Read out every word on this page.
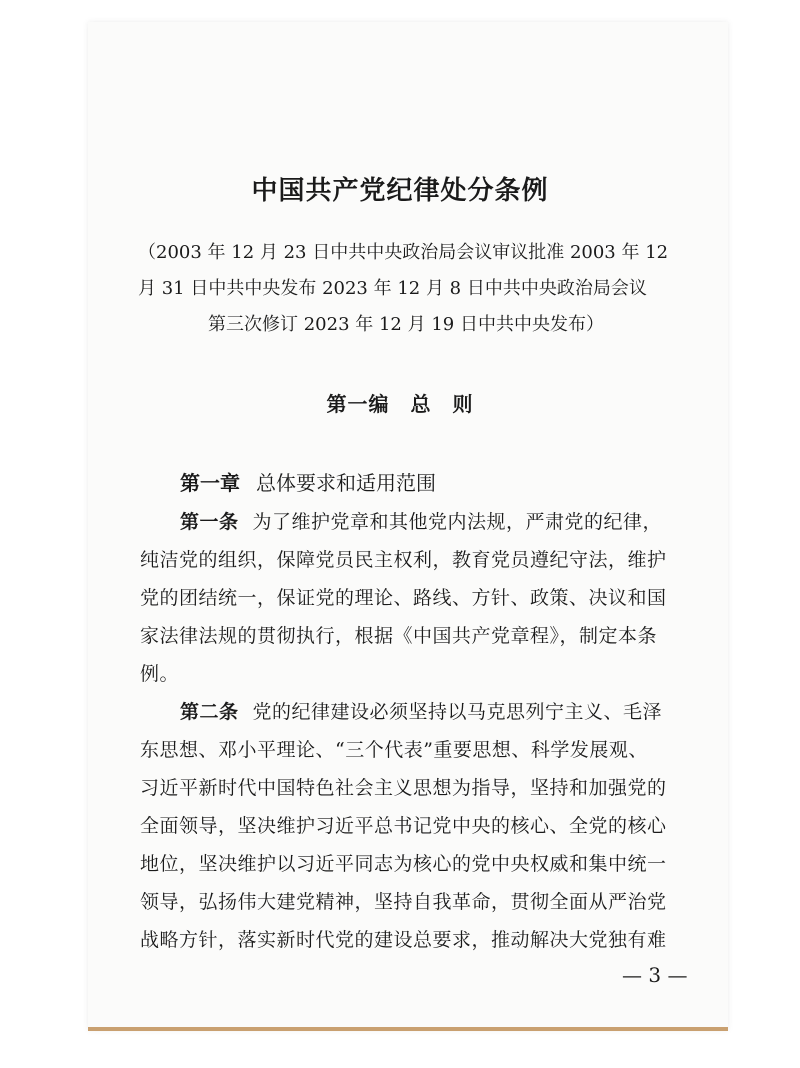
中国共产党纪律处分条例
（2003 年 12 月 23 日中共中央政治局会议审议批准 2003 年 12
月 31 日中共中央发布 2023 年 12 月 8 日中共中央政治局会议
第三次修订 2023 年 12 月 19 日中共中央发布）
第一编　总　则
第一章 总体要求和适用范围
第一条 为了维护党章和其他党内法规，严肃党的纪律，
纯洁党的组织，保障党员民主权利，教育党员遵纪守法，维护
党的团结统一，保证党的理论、路线、方针、政策、决议和国
家法律法规的贯彻执行，根据《中国共产党章程》，制定本条
例。
第二条 党的纪律建设必须坚持以马克思列宁主义、毛泽
东思想、邓小平理论、“三个代表”重要思想、科学发展观、
习近平新时代中国特色社会主义思想为指导，坚持和加强党的
全面领导，坚决维护习近平总书记党中央的核心、全党的核心
地位，坚决维护以习近平同志为核心的党中央权威和集中统一
领导，弘扬伟大建党精神，坚持自我革命，贯彻全面从严治党
战略方针，落实新时代党的建设总要求，推动解决大党独有难
— 3 —
